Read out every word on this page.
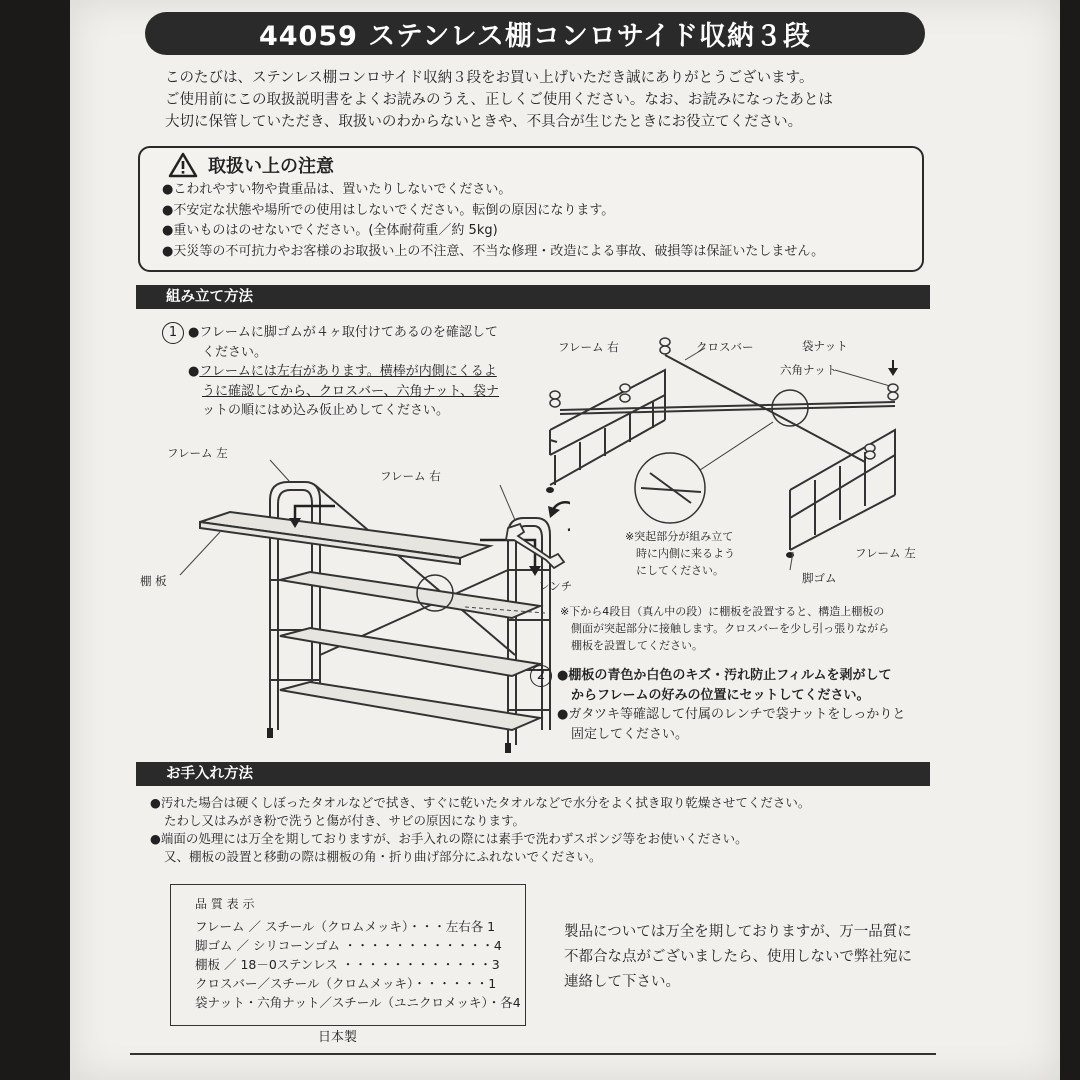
44059 ステンレス棚コンロサイド収納３段
このたびは、ステンレス棚コンロサイド収納３段をお買い上げいただき誠にありがとうございます。
ご使用前にこの取扱説明書をよくお読みのうえ、正しくご使用ください。なお、お読みになったあとは
大切に保管していただき、取扱いのわからないときや、不具合が生じたときにお役立てください。
取扱い上の注意
●こわれやすい物や貴重品は、置いたりしないでください。
●不安定な状態や場所での使用はしないでください。転倒の原因になります。
●重いものはのせないでください。(全体耐荷重／約 5kg)
●天災等の不可抗力やお客様のお取扱い上の不注意、不当な修理・改造による事故、破損等は保証いたしません。
組み立て方法
1 ●フレームに脚ゴムが４ヶ取付けてあるのを確認して
ください。
●フレームには左右があります。横棒が内側にくるよ
うに確認してから、クロスバー、六角ナット、袋ナ
ットの順にはめ込み仮止めしてください。
フレーム 左
フレーム 右
棚 板	レンチ
フレーム 右	クロスバー	袋ナット
六角ナット
フレーム 左
脚ゴム
※突起部分が組み立て
時に内側に来るよう
にしてください。
※下から4段目（真ん中の段）に棚板を設置すると、構造上棚板の
側面が突起部分に接触します。クロスバーを少し引っ張りながら
棚板を設置してください。
2 ●棚板の青色か白色のキズ・汚れ防止フィルムを剥がして
からフレームの好みの位置にセットしてください。
●ガタツキ等確認して付属のレンチで袋ナットをしっかりと
固定してください。
お手入れ方法
●汚れた場合は硬くしぼったタオルなどで拭き、すぐに乾いたタオルなどで水分をよく拭き取り乾燥させてください。
たわし又はみがき粉で洗うと傷が付き、サビの原因になります。
●端面の処理には万全を期しておりますが、お手入れの際には素手で洗わずスポンジ等をお使いください。
又、棚板の設置と移動の際は棚板の角・折り曲げ部分にふれないでください。
品 質 表 示
フレーム ／ スチール（クロムメッキ）・・・左右各 1
脚ゴム ／ シリコーンゴム ・・・・・・・・・・・・4
棚板 ／ 18－0ステンレス ・・・・・・・・・・・・3
クロスバー／スチール（クロムメッキ）・・・・・・1
袋ナット・六角ナット／スチール（ユニクロメッキ）・各4
日本製
製品については万全を期しておりますが、万一品質に
不都合な点がございましたら、使用しないで弊社宛に
連絡して下さい。
